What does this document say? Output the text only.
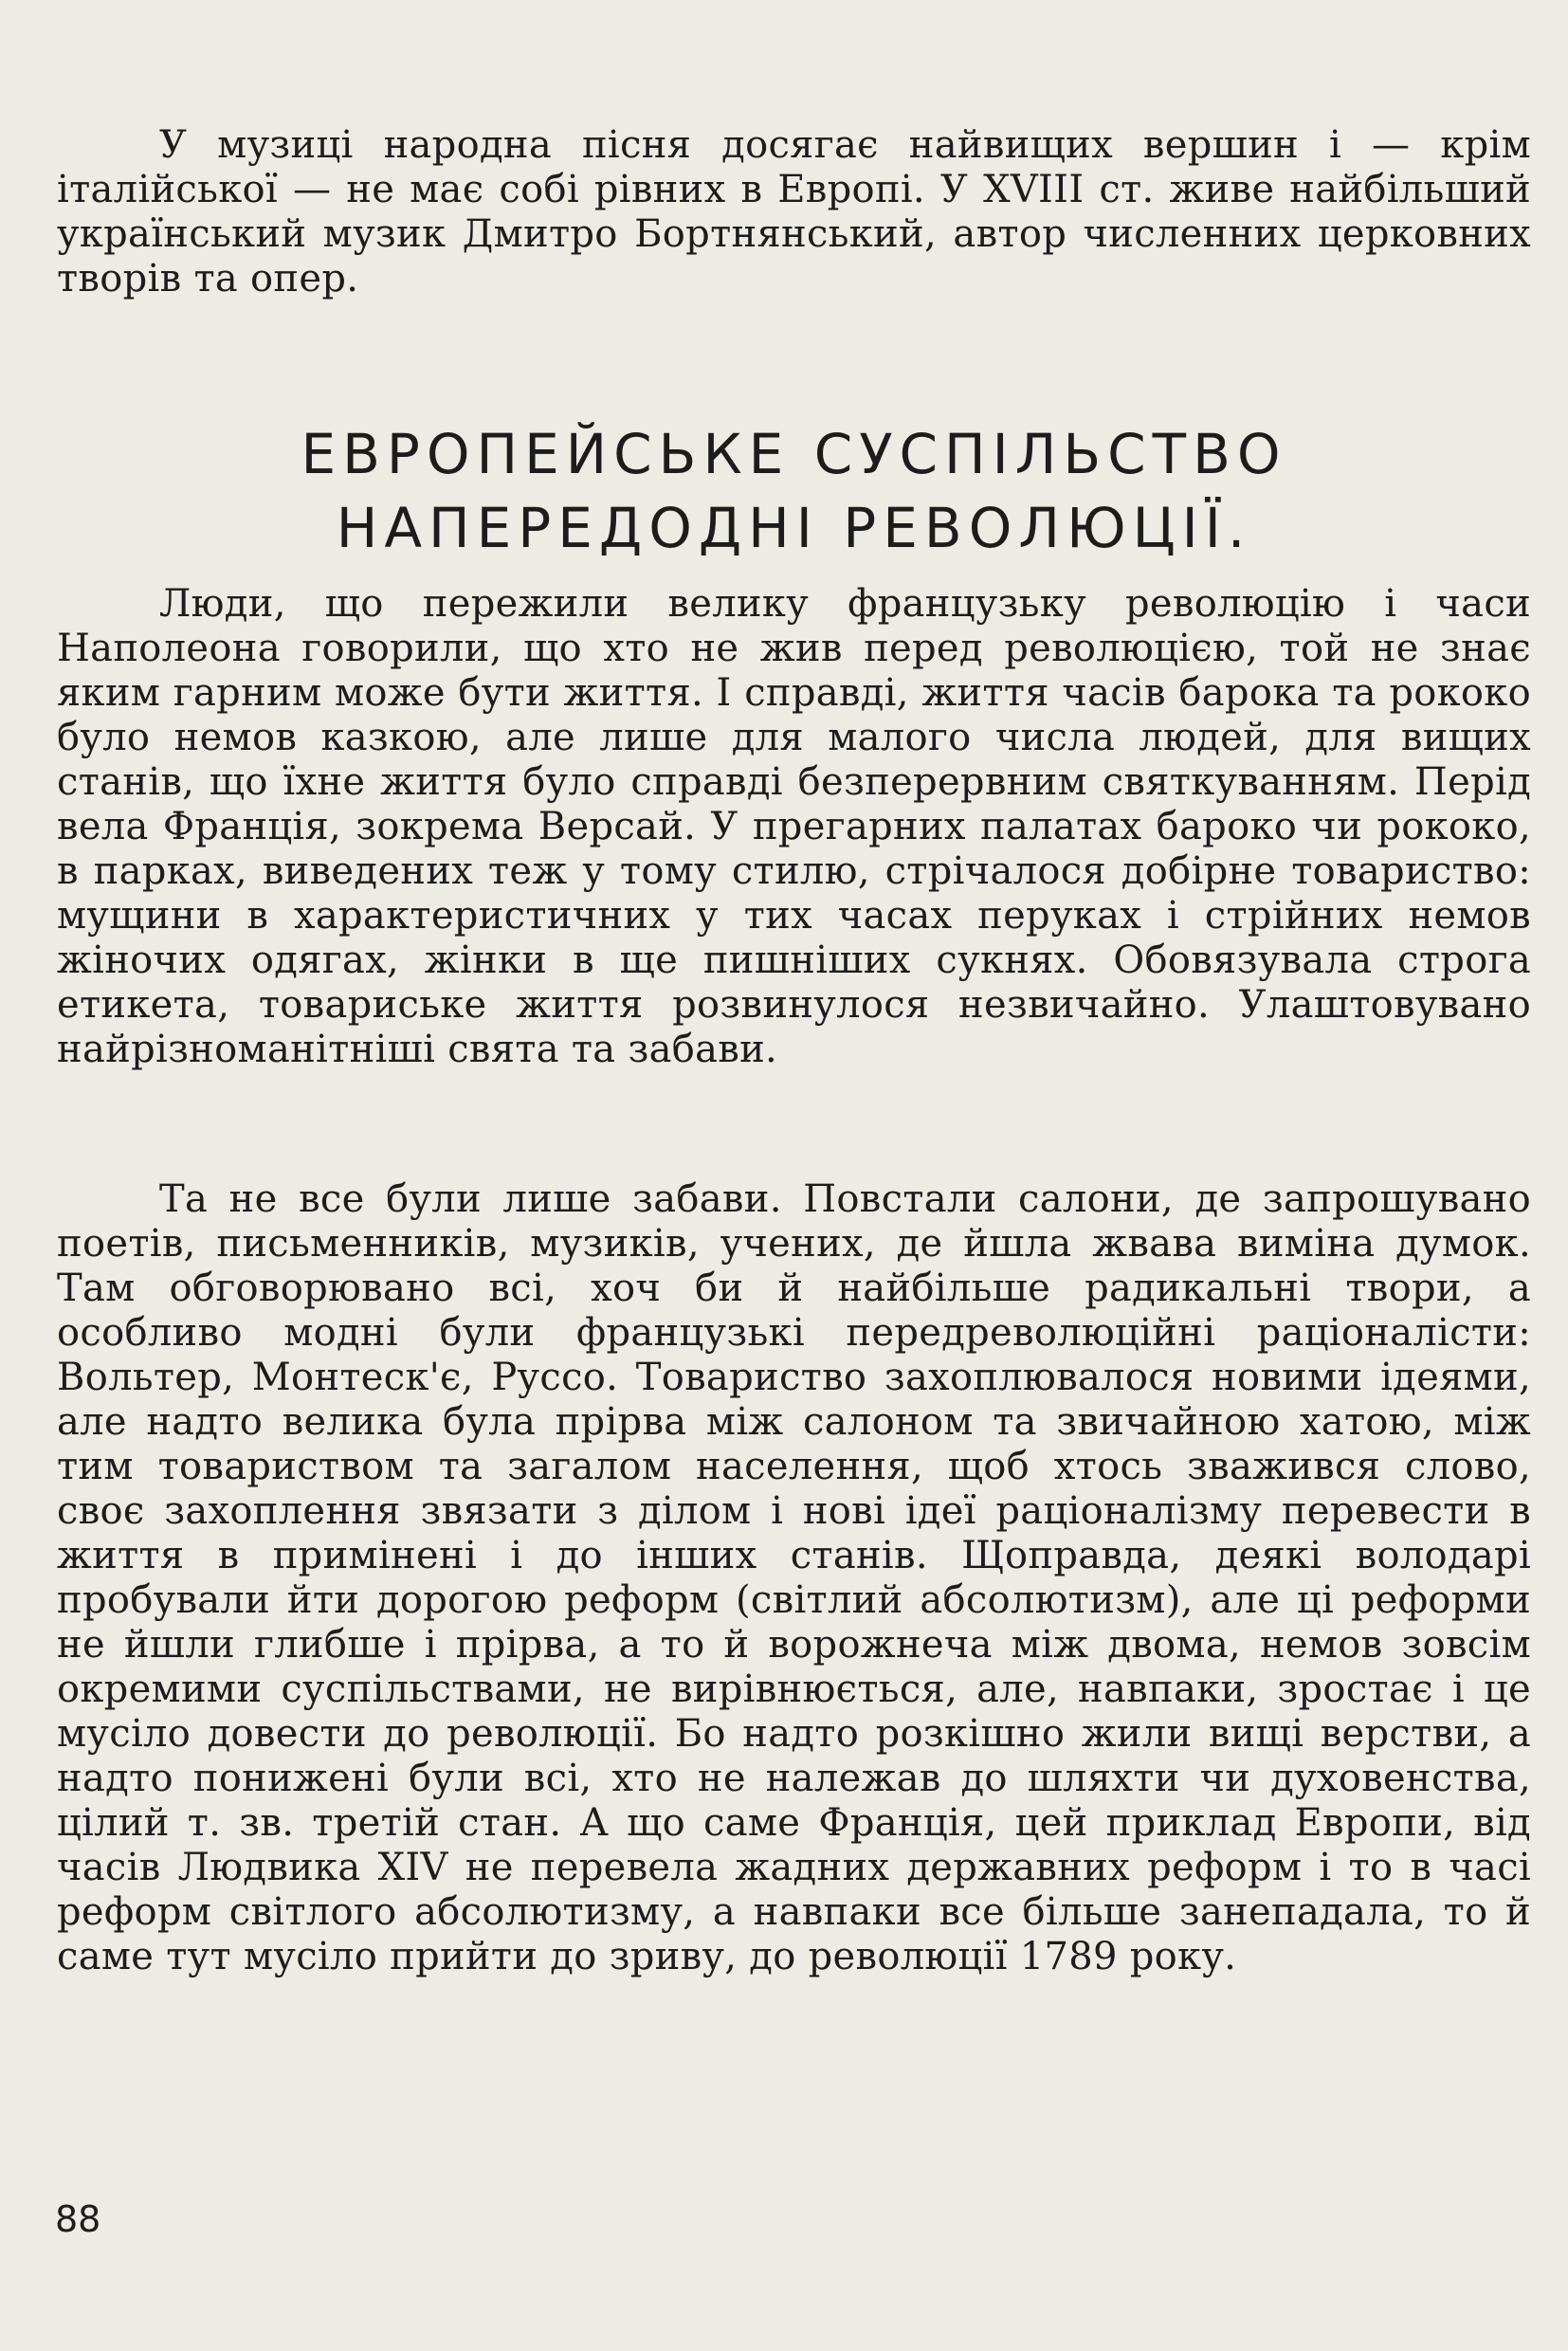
У музиці народна пісня досягає найвищих вершин і — крім італійської — не має собі рівних в Европі. У XVIII ст. живе найбільший український музик Дмитро Бортнянський, автор численних церковних творів та опер.

ЕВРОПЕЙСЬКЕ СУСПІЛЬСТВО
НАПЕРЕДОДНІ РЕВОЛЮЦІЇ.

Люди, що пережили велику французьку революцію і часи Наполеона говорили, що хто не жив перед революцією, той не знає яким гарним може бути життя. І справді, життя часів барока та рококо було немов казкою, але лише для малого числа людей, для вищих станів, що їхне життя було справді безперервним святкуванням. Перід вела Франція, зокрема Версай. У прегарних палатах бароко чи рококо, в парках, виведених теж у тому стилю, стрічалося добірне товариство: мущини в характеристичних у тих часах перуках і стрійних немов жіночих одягах, жінки в ще пишніших сукнях. Обовязувала строга етикета, товариське життя розвинулося незвичайно. Улаштовувано найрізноманітніші свята та забави.

Та не все були лише забави. Повстали салони, де запрошувано поетів, письменників, музиків, учених, де йшла жвава виміна думок. Там обговорювано всі, хоч би й найбільше радикальні твори, а особливо модні були французькі передреволюційні раціоналісти: Вольтер, Монтеск'є, Руссо. Товариство захоплювалося новими ідеями, але надто велика була прірва між салоном та звичайною хатою, між тим товариством та загалом населення, щоб хтось зважився слово, своє захоплення звязати з ділом і нові ідеї раціоналізму перевести в життя в примінені і до інших станів. Щоправда, деякі володарі пробували йти дорогою реформ (світлий абсолютизм), але ці реформи не йшли глибше і прірва, а то й ворожнеча між двома, немов зовсім окремими суспільствами, не вирівнюється, але, навпаки, зростає і це мусіло довести до революції. Бо надто розкішно жили вищі верстви, а надто понижені були всі, хто не належав до шляхти чи духовенства, цілий т. зв. третій стан. А що саме Франція, цей приклад Европи, від часів Людвика XIV не перевела жадних державних реформ і то в часі реформ світлого абсолютизму, а навпаки все більше занепадала, то й саме тут мусіло прийти до зриву, до революції 1789 року.

88
